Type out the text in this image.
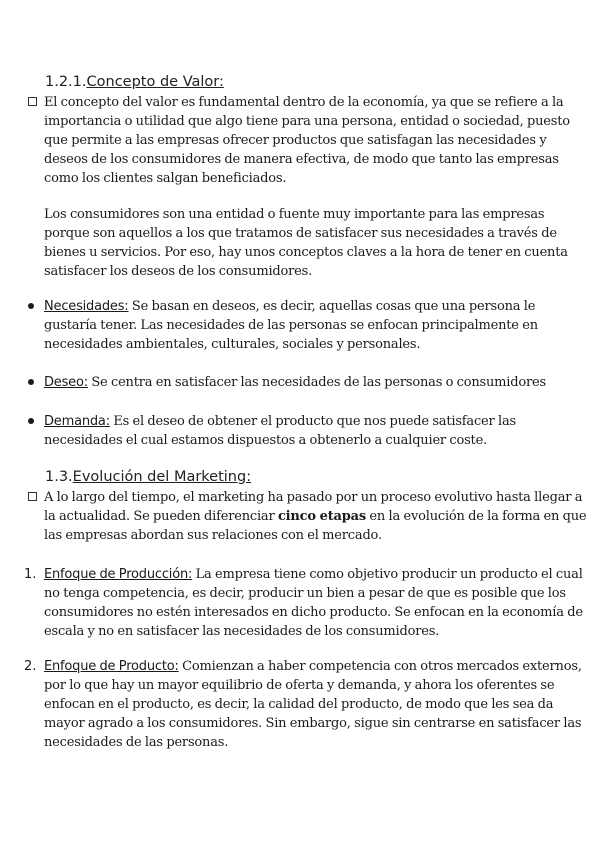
1.2.1.Concepto de Valor:

El concepto del valor es fundamental dentro de la economía, ya que se refiere a la importancia o utilidad que algo tiene para una persona, entidad o sociedad, puesto que permite a las empresas ofrecer productos que satisfagan las necesidades y deseos de los consumidores de manera efectiva, de modo que tanto las empresas como los clientes salgan beneficiados.

Los consumidores son una entidad o fuente muy importante para las empresas porque son aquellos a los que tratamos de satisfacer sus necesidades a través de bienes u servicios. Por eso, hay unos conceptos claves a la hora de tener en cuenta satisfacer los deseos de los consumidores.

Necesidades: Se basan en deseos, es decir, aquellas cosas que una persona le gustaría tener. Las necesidades de las personas se enfocan principalmente en necesidades ambientales, culturales, sociales y personales.

Deseo: Se centra en satisfacer las necesidades de las personas o consumidores

Demanda: Es el deseo de obtener el producto que nos puede satisfacer las necesidades el cual estamos dispuestos a obtenerlo a cualquier coste.

1.3.Evolución del Marketing:

A lo largo del tiempo, el marketing ha pasado por un proceso evolutivo hasta llegar a la actualidad. Se pueden diferenciar cinco etapas en la evolución de la forma en que las empresas abordan sus relaciones con el mercado.

1. Enfoque de Producción: La empresa tiene como objetivo producir un producto el cual no tenga competencia, es decir, producir un bien a pesar de que es posible que los consumidores no estén interesados en dicho producto. Se enfocan en la economía de escala y no en satisfacer las necesidades de los consumidores.

2. Enfoque de Producto: Comienzan a haber competencia con otros mercados externos, por lo que hay un mayor equilibrio de oferta y demanda, y ahora los oferentes se enfocan en el producto, es decir, la calidad del producto, de modo que les sea da mayor agrado a los consumidores. Sin embargo, sigue sin centrarse en satisfacer las necesidades de las personas.
